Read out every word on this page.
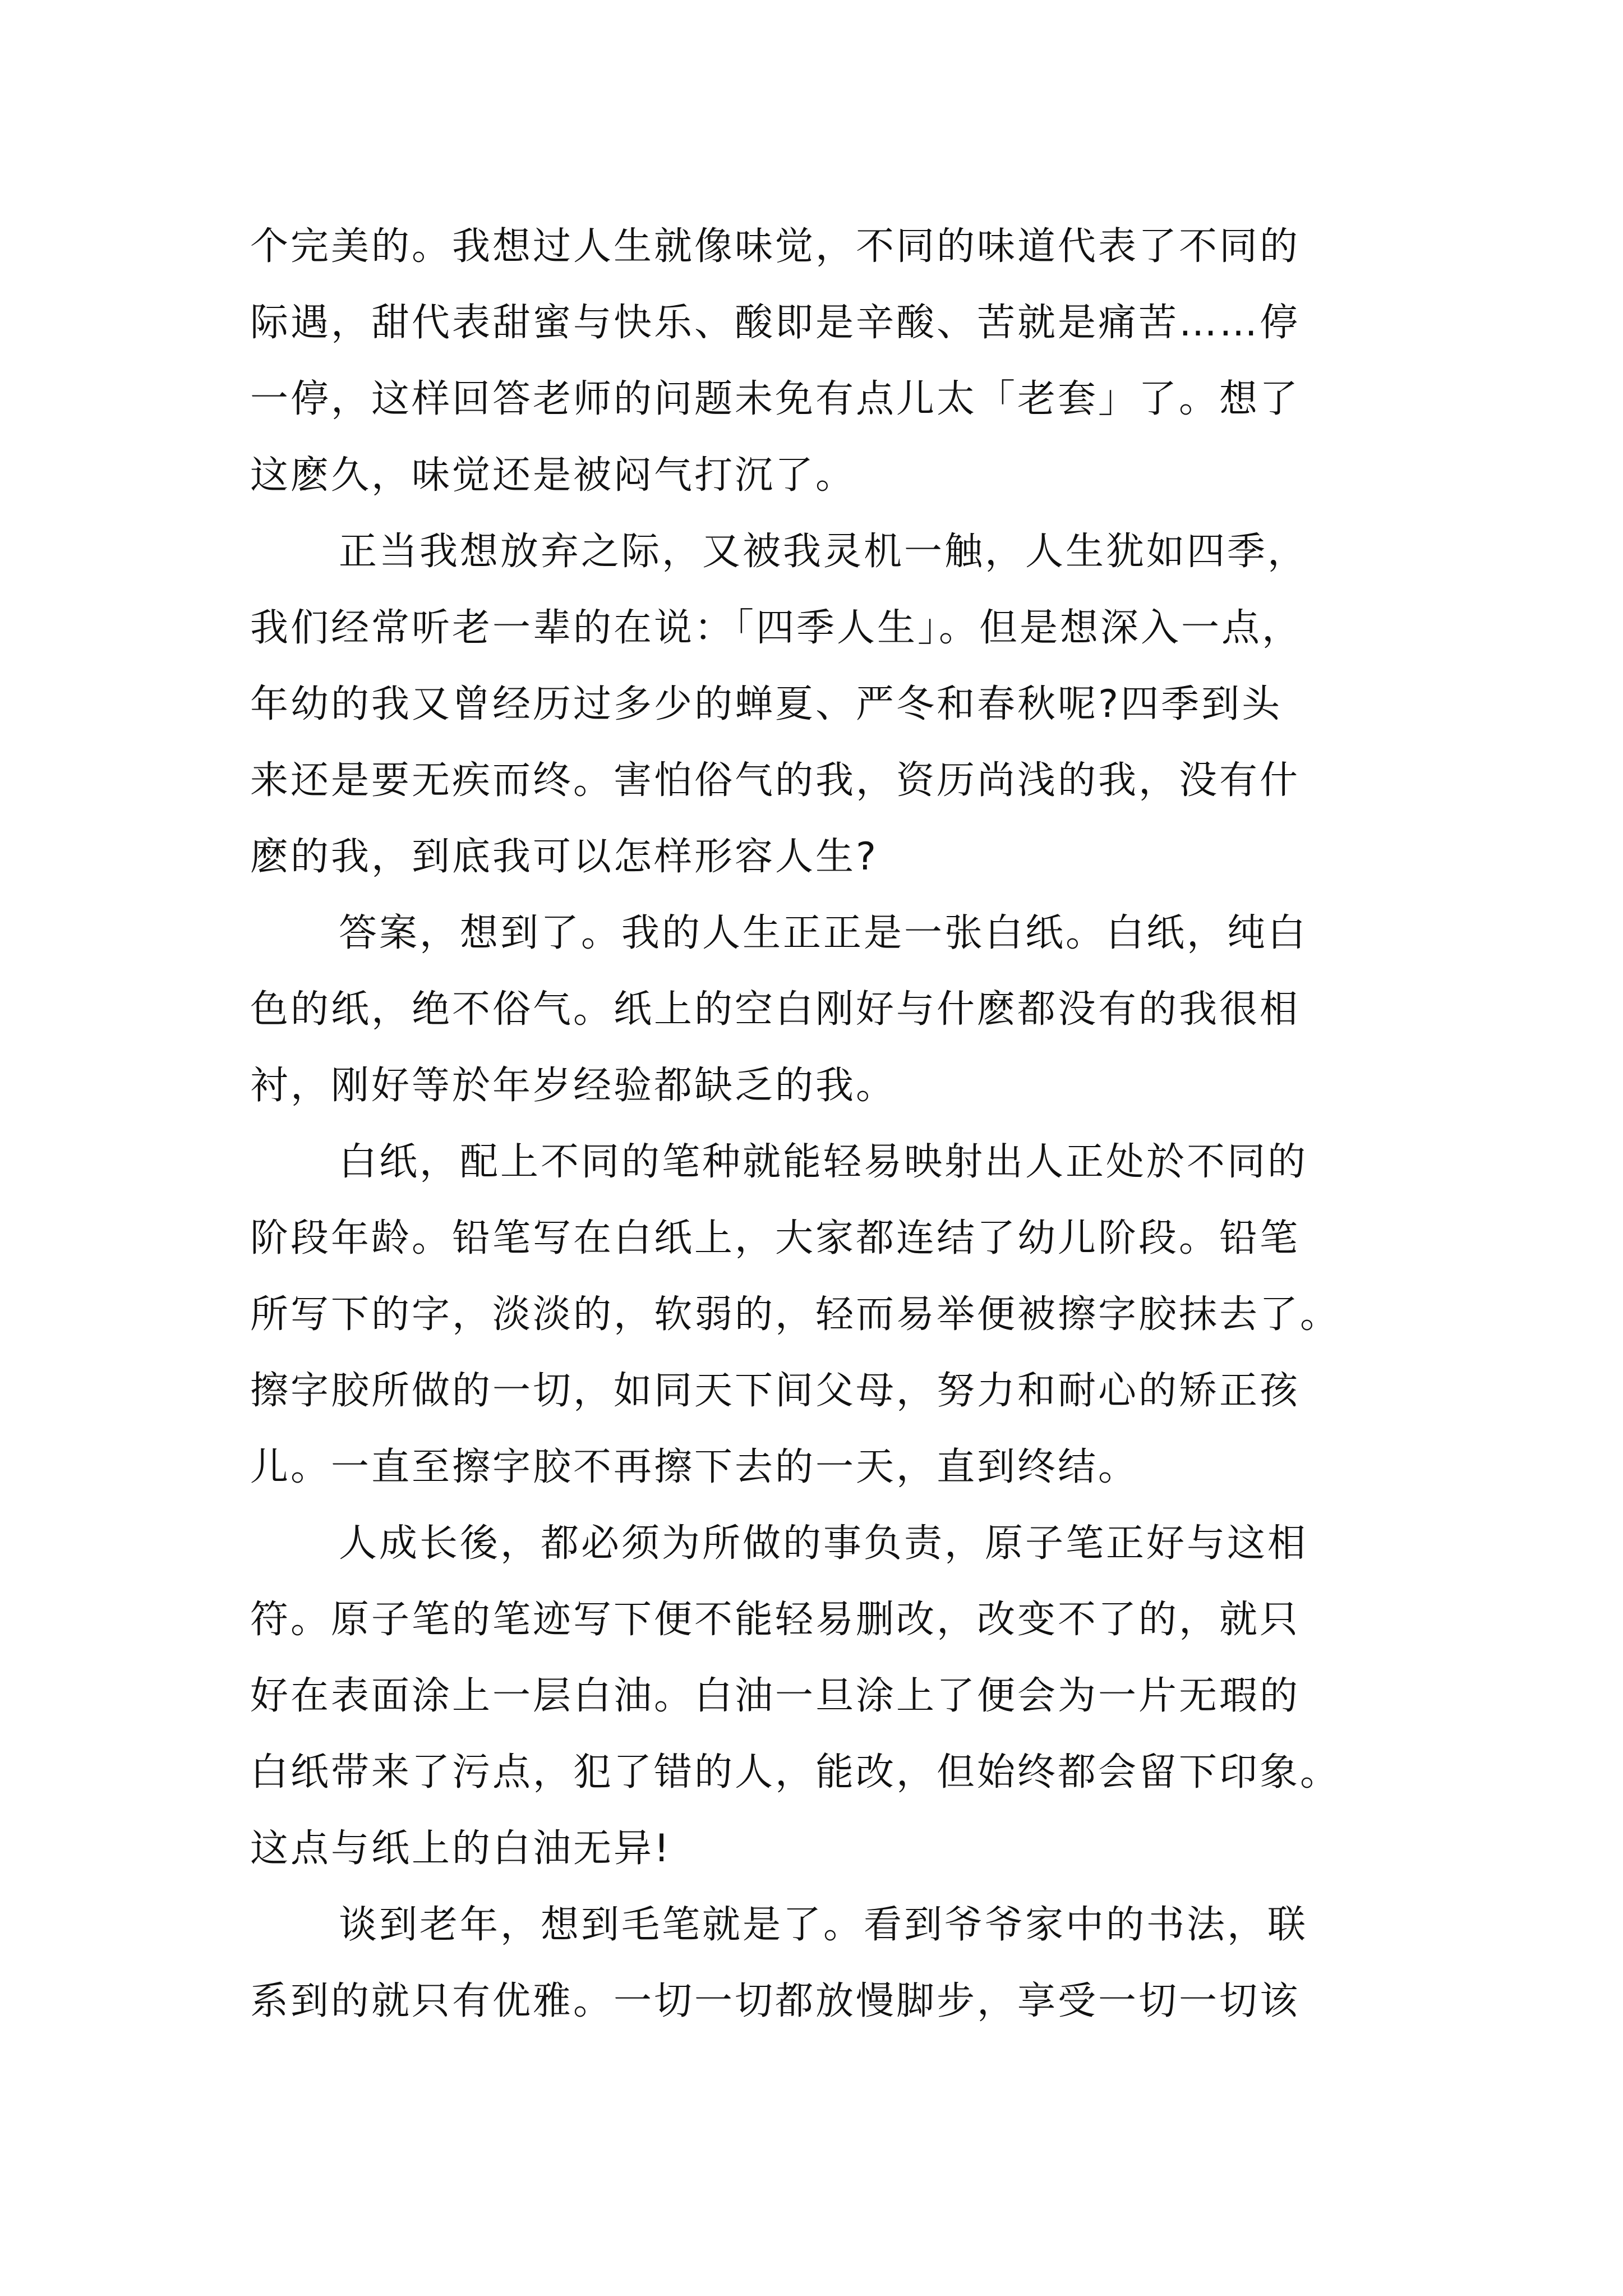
个完美的。我想过人生就像味觉，不同的味道代表了不同的
际遇，甜代表甜蜜与快乐、酸即是辛酸、苦就是痛苦……停
一停，这样回答老师的问题未免有点儿太「老套」了。想了
这麽久，味觉还是被闷气打沉了。

正当我想放弃之际，又被我灵机一触，人生犹如四季，
我们经常听老一辈的在说：「四季人生」。但是想深入一点，
年幼的我又曾经历过多少的蝉夏、严冬和春秋呢?四季到头
来还是要无疾而终。害怕俗气的我，资历尚浅的我，没有什
麽的我，到底我可以怎样形容人生?

答案，想到了。我的人生正正是一张白纸。白纸，纯白
色的纸，绝不俗气。纸上的空白刚好与什麽都没有的我很相
衬，刚好等於年岁经验都缺乏的我。

白纸，配上不同的笔种就能轻易映射出人正处於不同的
阶段年龄。铅笔写在白纸上，大家都连结了幼儿阶段。铅笔
所写下的字，淡淡的，软弱的，轻而易举便被擦字胶抹去了。
擦字胶所做的一切，如同天下间父母，努力和耐心的矫正孩
儿。一直至擦字胶不再擦下去的一天，直到终结。

人成长後，都必须为所做的事负责，原子笔正好与这相
符。原子笔的笔迹写下便不能轻易删改，改变不了的，就只
好在表面涂上一层白油。白油一旦涂上了便会为一片无瑕的
白纸带来了污点，犯了错的人，能改，但始终都会留下印象。
这点与纸上的白油无异!

谈到老年，想到毛笔就是了。看到爷爷家中的书法，联
系到的就只有优雅。一切一切都放慢脚步，享受一切一切该
